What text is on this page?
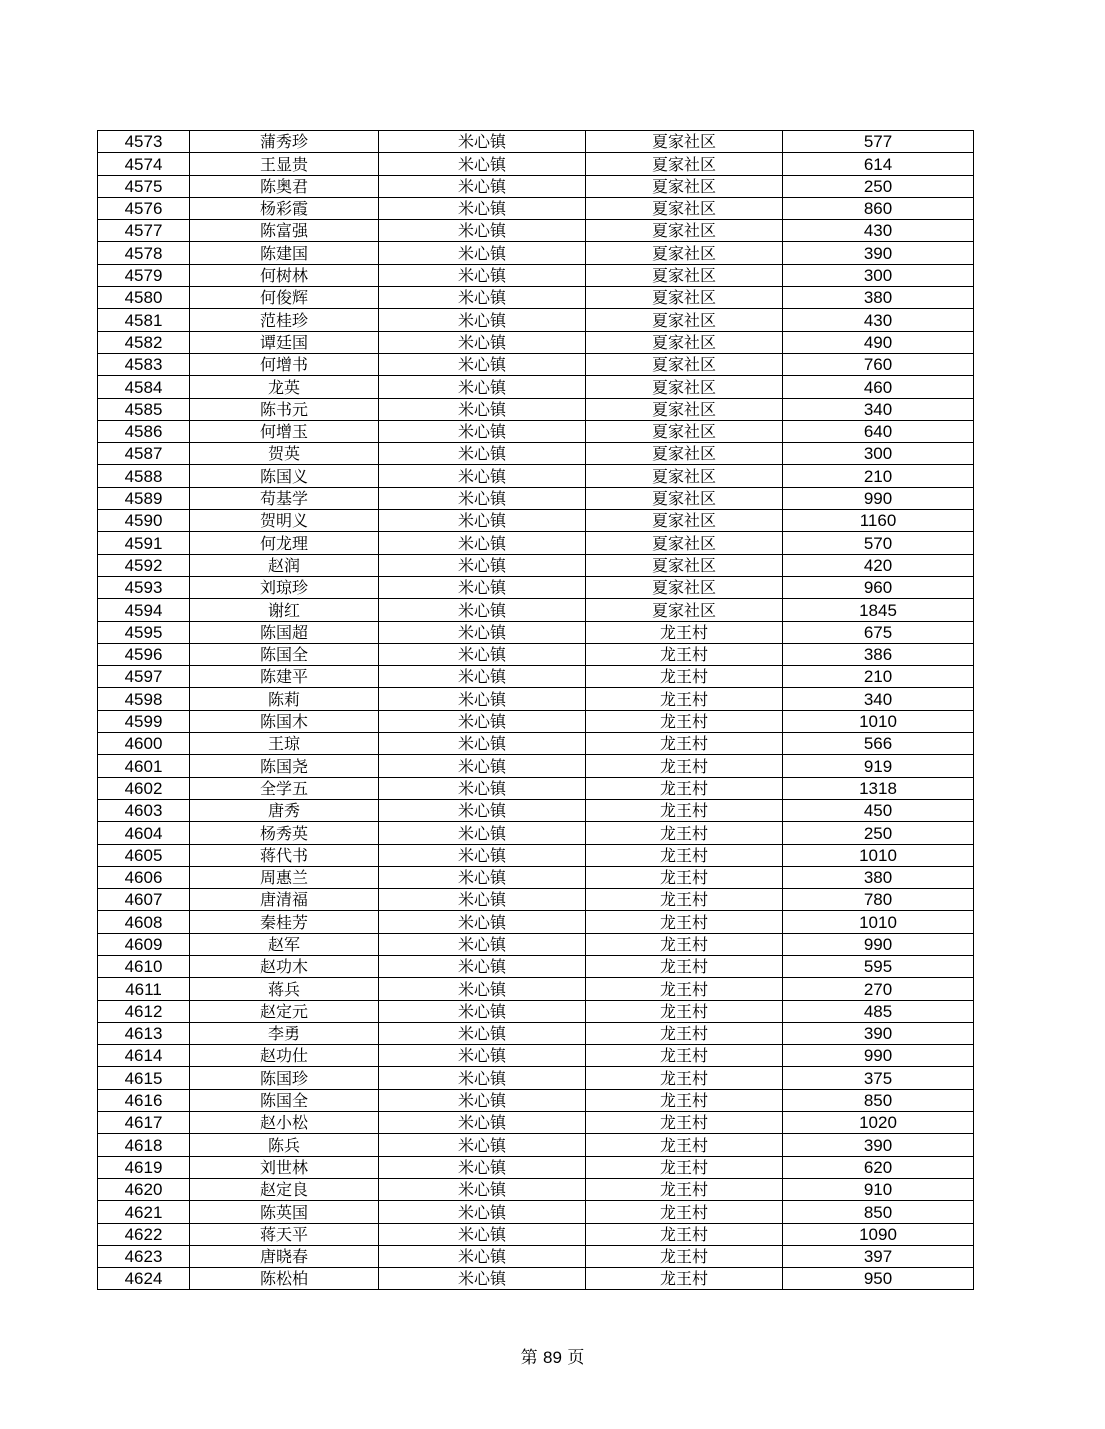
4573	蒲秀珍	米心镇	夏家社区	577
4574	王显贵	米心镇	夏家社区	614
4575	陈奥君	米心镇	夏家社区	250
4576	杨彩霞	米心镇	夏家社区	860
4577	陈富强	米心镇	夏家社区	430
4578	陈建国	米心镇	夏家社区	390
4579	何树林	米心镇	夏家社区	300
4580	何俊辉	米心镇	夏家社区	380
4581	范桂珍	米心镇	夏家社区	430
4582	谭廷国	米心镇	夏家社区	490
4583	何增书	米心镇	夏家社区	760
4584	龙英	米心镇	夏家社区	460
4585	陈书元	米心镇	夏家社区	340
4586	何增玉	米心镇	夏家社区	640
4587	贺英	米心镇	夏家社区	300
4588	陈国义	米心镇	夏家社区	210
4589	苟基学	米心镇	夏家社区	990
4590	贺明义	米心镇	夏家社区	1160
4591	何龙理	米心镇	夏家社区	570
4592	赵润	米心镇	夏家社区	420
4593	刘琼珍	米心镇	夏家社区	960
4594	谢红	米心镇	夏家社区	1845
4595	陈国超	米心镇	龙王村	675
4596	陈国全	米心镇	龙王村	386
4597	陈建平	米心镇	龙王村	210
4598	陈莉	米心镇	龙王村	340
4599	陈国木	米心镇	龙王村	1010
4600	王琼	米心镇	龙王村	566
4601	陈国尧	米心镇	龙王村	919
4602	全学五	米心镇	龙王村	1318
4603	唐秀	米心镇	龙王村	450
4604	杨秀英	米心镇	龙王村	250
4605	蒋代书	米心镇	龙王村	1010
4606	周惠兰	米心镇	龙王村	380
4607	唐清福	米心镇	龙王村	780
4608	秦桂芳	米心镇	龙王村	1010
4609	赵军	米心镇	龙王村	990
4610	赵功木	米心镇	龙王村	595
4611	蒋兵	米心镇	龙王村	270
4612	赵定元	米心镇	龙王村	485
4613	李勇	米心镇	龙王村	390
4614	赵功仕	米心镇	龙王村	990
4615	陈国珍	米心镇	龙王村	375
4616	陈国全	米心镇	龙王村	850
4617	赵小松	米心镇	龙王村	1020
4618	陈兵	米心镇	龙王村	390
4619	刘世林	米心镇	龙王村	620
4620	赵定良	米心镇	龙王村	910
4621	陈英国	米心镇	龙王村	850
4622	蒋天平	米心镇	龙王村	1090
4623	唐晓春	米心镇	龙王村	397
4624	陈松柏	米心镇	龙王村	950
第 89 页
